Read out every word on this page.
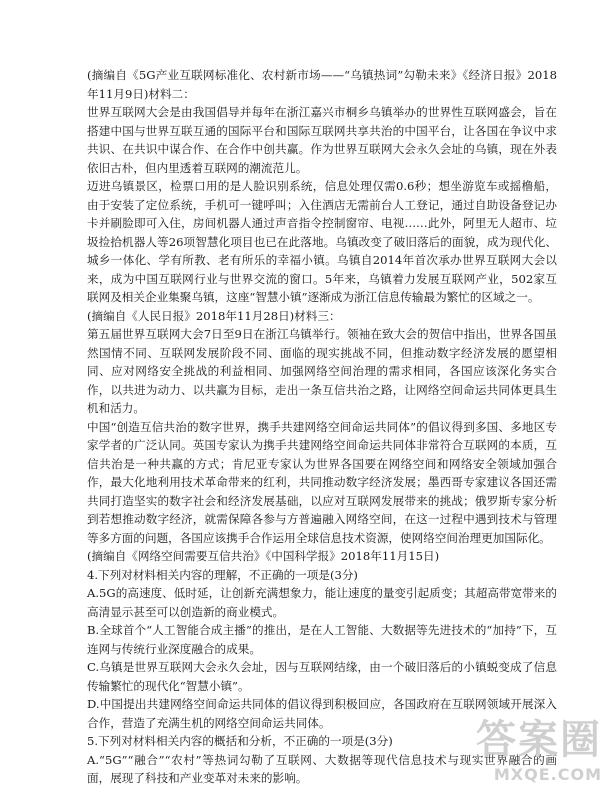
(摘编自《5G产业互联网标准化、农村新市场——“乌镇热词”勾勒未来》《经济日报》2018年11月9日)材料二：

世界互联网大会是由我国倡导并每年在浙江嘉兴市桐乡乌镇举办的世界性互联网盛会，旨在搭建中国与世界互联互通的国际平台和国际互联网共享共治的中国平台，让各国在争议中求共识、在共识中谋合作、在合作中创共赢。作为世界互联网大会永久会址的乌镇，现在外表依旧古朴，但内里透着互联网的潮流范儿。

迈进乌镇景区，检票口用的是人脸识别系统，信息处理仅需0.6秒；想坐游览车或摇橹船，由于安装了定位系统，手机可一键呼叫；入住酒店无需前台人工登记，通过自助设备登记办卡并刷脸即可入住，房间机器人通过声音指令控制窗帘、电视……此外，阿里无人超市、垃圾捡拾机器人等26项智慧化项目也已在此落地。乌镇改变了破旧落后的面貌，成为现代化、城乡一体化、学有所教、老有所乐的幸福小镇。乌镇自2014年首次承办世界互联网大会以来，成为中国互联网行业与世界交流的窗口。5年来，乌镇着力发展互联网产业，502家互联网及相关企业集聚乌镇，这座“智慧小镇”逐渐成为浙江信息传输最为繁忙的区域之一。

(摘编自《人民日报》2018年11月28日)材料三：

第五届世界互联网大会7日至9日在浙江乌镇举行。领袖在致大会的贺信中指出，世界各国虽然国情不同、互联网发展阶段不同、面临的现实挑战不同，但推动数字经济发展的愿望相同、应对网络安全挑战的利益相同、加强网络空间治理的需求相同，各国应该深化务实合作，以共进为动力、以共赢为目标，走出一条互信共治之路，让网络空间命运共同体更具生机和活力。

中国“创造互信共治的数字世界，携手共建网络空间命运共同体”的倡议得到多国、多地区专家学者的广泛认同。英国专家认为携手共建网络空间命运共同体非常符合互联网的本质，互信共治是一种共赢的方式；肯尼亚专家认为世界各国要在网络空间和网络安全领域加强合作，最大化地利用技术革命带来的红利，共同推动数字经济发展；墨西哥专家建议各国还需共同打造坚实的数字社会和经济发展基础，以应对互联网发展带来的挑战；俄罗斯专家分析到若想推动数字经济，就需保障各参与方普遍融入网络空间，在这一过程中遇到技术与管理等多方面的问题，各国应该携手合作运用全球信息技术资源，使网络空间治理更加国际化。

(摘编自《网络空间需要互信共治》《中国科学报》2018年11月15日)

4.下列对材料相关内容的理解，不正确的一项是(3分)

A.5G的高速度、低时延，让创新充满想象力，能让速度的量变引起质变；其超高带宽带来的高清显示甚至可以创造新的商业模式。

B.全球首个“人工智能合成主播”的推出，是在人工智能、大数据等先进技术的“加持”下，互连网与传统行业深度融合的成果。

C.乌镇是世界互联网大会永久会址，因与互联网结缘，由一个破旧落后的小镇蜕变成了信息传输繁忙的现代化“智慧小镇”。

D.中国提出共建网络空间命运共同体的倡议得到积极回应，各国政府在互联网领域开展深入合作，营造了充满生机的网络空间命运共同体。

5.下列对材料相关内容的概括和分析，不正确的一项是(3分)

A.“5G”“融合”“农村”等热词勾勒了互联网、大数据等现代信息技术与现实世界融合的画面，展现了科技和产业变革对未来的影响。

答案圈
MXQE.COM
